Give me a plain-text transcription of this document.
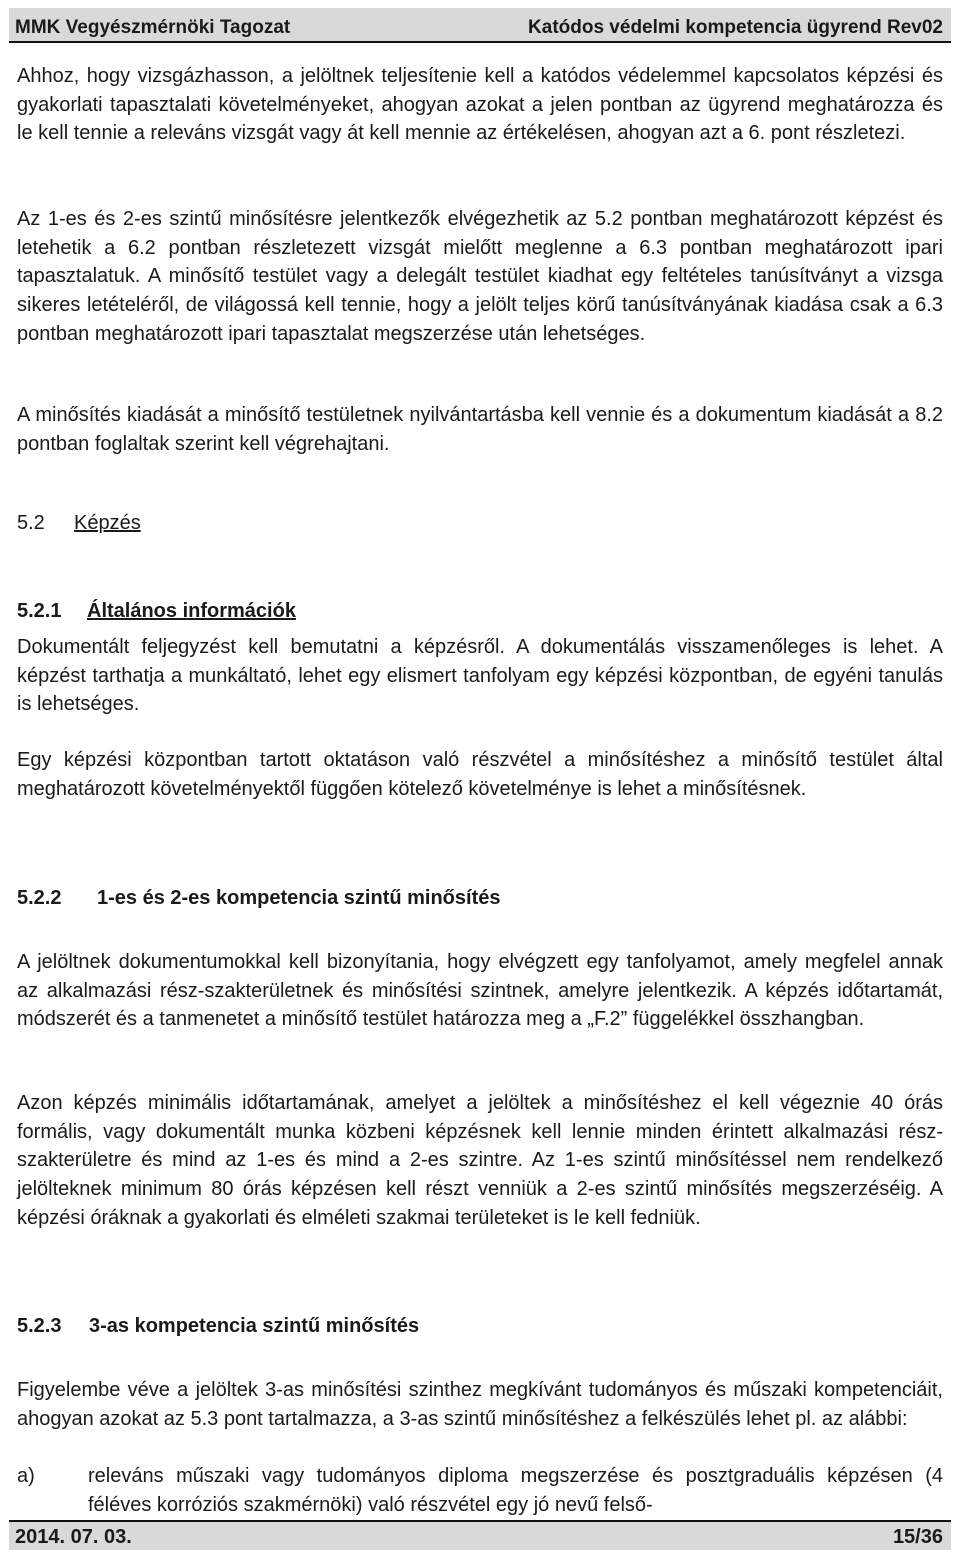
MMK Vegyészmérnöki Tagozat	Katódos védelmi kompetencia ügyrend Rev02

Ahhoz, hogy vizsgázhasson, a jelöltnek teljesítenie kell a katódos védelemmel kapcsolatos képzési és gyakorlati tapasztalati követelményeket, ahogyan azokat a jelen pontban az ügyrend meghatározza és le kell tennie a releváns vizsgát vagy át kell mennie az értékelésen, ahogyan azt a 6. pont részletezi.

Az 1-es és 2-es szintű minősítésre jelentkezők elvégezhetik az 5.2 pontban meghatározott képzést és letehetik a 6.2 pontban részletezett vizsgát mielőtt meglenne a 6.3 pontban meghatározott ipari tapasztalatuk. A minősítő testület vagy a delegált testület kiadhat egy feltételes tanúsítványt a vizsga sikeres letételéről, de világossá kell tennie, hogy a jelölt teljes körű tanúsítványának kiadása csak a 6.3 pontban meghatározott ipari tapasztalat megszerzése után lehetséges.

A minősítés kiadását a minősítő testületnek nyilvántartásba kell vennie és a dokumentum kiadását a 8.2 pontban foglaltak szerint kell végrehajtani.

5.2 Képzés
5.2.1 Általános információk

Dokumentált feljegyzést kell bemutatni a képzésről. A dokumentálás visszamenőleges is lehet. A képzést tarthatja a munkáltató, lehet egy elismert tanfolyam egy képzési központban, de egyéni tanulás is lehetséges.

Egy képzési központban tartott oktatáson való részvétel a minősítéshez a minősítő testület által meghatározott követelményektől függően kötelező követelménye is lehet a minősítésnek.

5.2.2 1-es és 2-es kompetencia szintű minősítés

A jelöltnek dokumentumokkal kell bizonyítania, hogy elvégzett egy tanfolyamot, amely megfelel annak az alkalmazási rész-szakterületnek és minősítési szintnek, amelyre jelentkezik. A képzés időtartamát, módszerét és a tanmenetet a minősítő testület határozza meg a „F.2” függelékkel összhangban.

Azon képzés minimális időtartamának, amelyet a jelöltek a minősítéshez el kell végeznie 40 órás formális, vagy dokumentált munka közbeni képzésnek kell lennie minden érintett alkalmazási rész-szakterületre és mind az 1-es és mind a 2-es szintre. Az 1-es szintű minősítéssel nem rendelkező jelölteknek minimum 80 órás képzésen kell részt venniük a 2-es szintű minősítés megszerzéséig. A képzési óráknak a gyakorlati és elméleti szakmai területeket is le kell fedniük.

5.2.3 3-as kompetencia szintű minősítés

Figyelembe véve a jelöltek 3-as minősítési szinthez megkívánt tudományos és műszaki kompetenciáit, ahogyan azokat az 5.3 pont tartalmazza, a 3-as szintű minősítéshez a felkészülés lehet pl. az alábbi:

a)	releváns műszaki vagy tudományos diploma megszerzése és posztgraduális képzésen (4 féléves korróziós szakmérnöki) való részvétel egy jó nevű felső-
2014. 07. 03.	15/36
